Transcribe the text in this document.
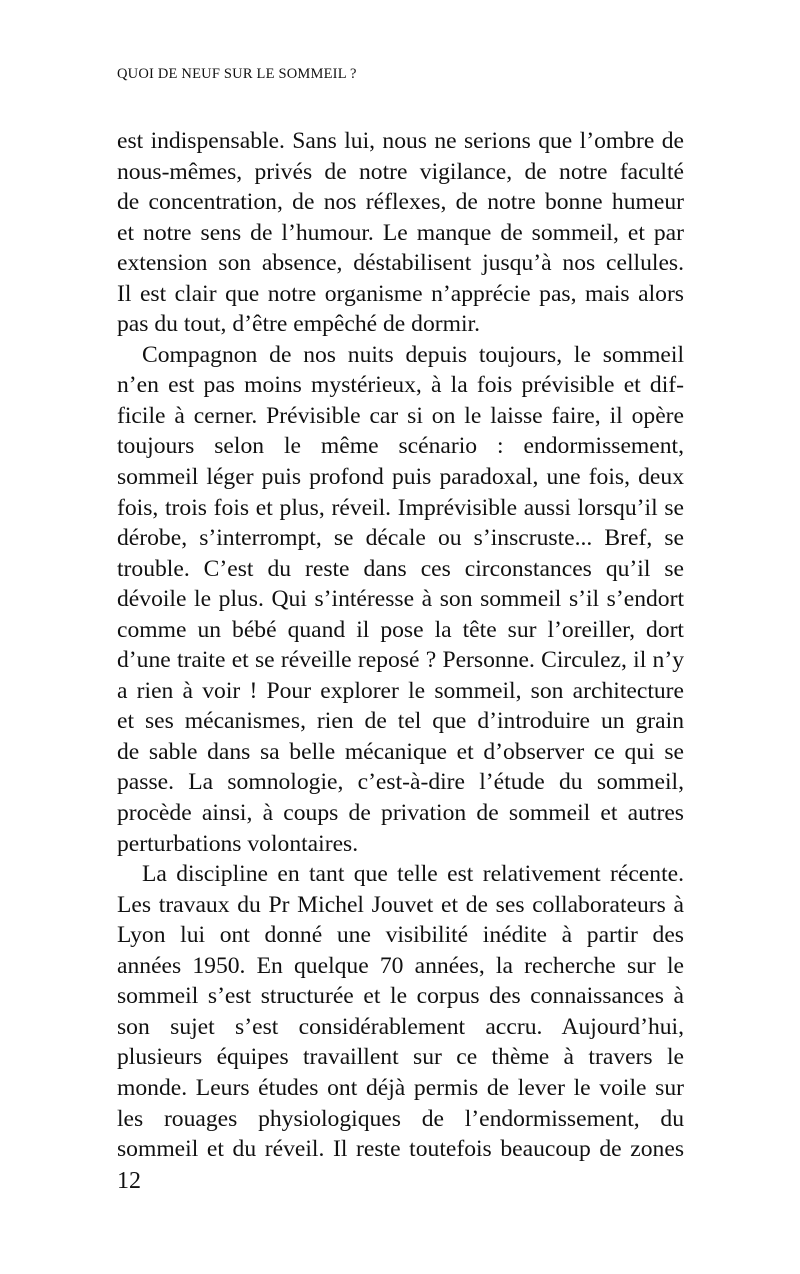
QUOI DE NEUF SUR LE SOMMEIL ?
est indispensable. Sans lui, nous ne serions que l’ombre de
nous-mêmes, privés de notre vigilance, de notre faculté
de concentration, de nos réflexes, de notre bonne humeur
et notre sens de l’humour. Le manque de sommeil, et par
extension son absence, déstabilisent jusqu’à nos cellules.
Il est clair que notre organisme n’apprécie pas, mais alors
pas du tout, d’être empêché de dormir.
Compagnon de nos nuits depuis toujours, le sommeil
n’en est pas moins mystérieux, à la fois prévisible et dif-
ficile à cerner. Prévisible car si on le laisse faire, il opère
toujours selon le même scénario : endormissement,
sommeil léger puis profond puis paradoxal, une fois, deux
fois, trois fois et plus, réveil. Imprévisible aussi lorsqu’il se
dérobe, s’interrompt, se décale ou s’inscruste... Bref, se
trouble. C’est du reste dans ces circonstances qu’il se
dévoile le plus. Qui s’intéresse à son sommeil s’il s’endort
comme un bébé quand il pose la tête sur l’oreiller, dort
d’une traite et se réveille reposé ? Personne. Circulez, il n’y
a rien à voir ! Pour explorer le sommeil, son architecture
et ses mécanismes, rien de tel que d’introduire un grain
de sable dans sa belle mécanique et d’observer ce qui se
passe. La somnologie, c’est-à-dire l’étude du sommeil,
procède ainsi, à coups de privation de sommeil et autres
perturbations volontaires.
La discipline en tant que telle est relativement récente.
Les travaux du Pr Michel Jouvet et de ses collaborateurs à
Lyon lui ont donné une visibilité inédite à partir des
années 1950. En quelque 70 années, la recherche sur le
sommeil s’est structurée et le corpus des connaissances à
son sujet s’est considérablement accru. Aujourd’hui,
plusieurs équipes travaillent sur ce thème à travers le
monde. Leurs études ont déjà permis de lever le voile sur
les rouages physiologiques de l’endormissement, du
sommeil et du réveil. Il reste toutefois beaucoup de zones
12
